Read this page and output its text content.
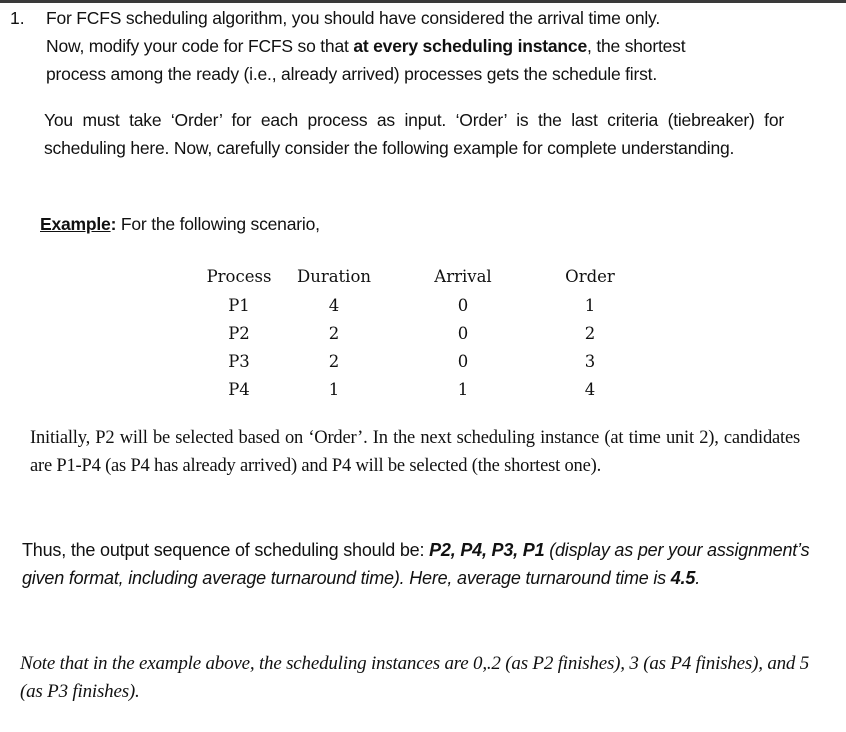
1. For FCFS scheduling algorithm, you should have considered the arrival time only.
Now, modify your code for FCFS so that at every scheduling instance, the shortest
process among the ready (i.e., already arrived) processes gets the schedule first.
You must take ‘Order’ for each process as input. ‘Order’ is the last criteria (tiebreaker) for scheduling here. Now, carefully consider the following example for complete understanding.
Example: For the following scenario,
Process	Duration	Arrival	Order
P1	4	0	1
P2	2	0	2
P3	2	0	3
P4	1	1	4
Initially, P2 will be selected based on ‘Order’. In the next scheduling instance (at time unit 2), candidates are P1-P4 (as P4 has already arrived) and P4 will be selected (the shortest one).
Thus, the output sequence of scheduling should be: P2, P4, P3, P1 (display as per your assignment’s given format, including average turnaround time). Here, average turnaround time is 4.5.
Note that in the example above, the scheduling instances are 0,.2 (as P2 finishes), 3 (as P4 finishes), and 5 (as P3 finishes).
